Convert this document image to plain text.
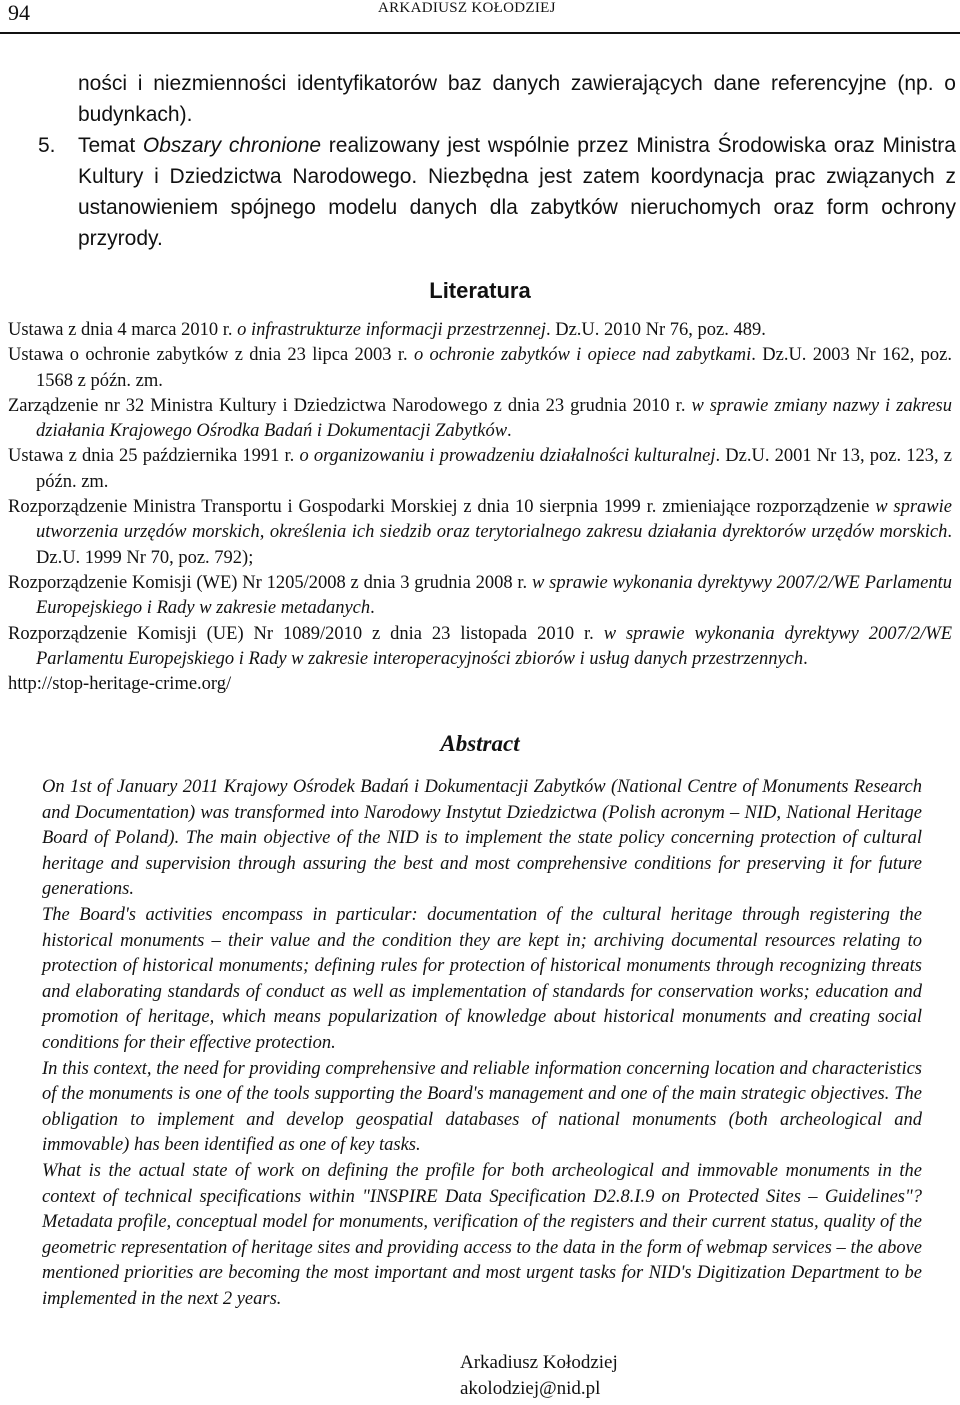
94	ARKADIUSZ KOŁODZIEJ
ności i niezmienności identyfikatorów baz danych zawierających dane referencyjne (np. o budynkach).
5. Temat Obszary chronione realizowany jest wspólnie przez Ministra Środowiska oraz Ministra Kultury i Dziedzictwa Narodowego. Niezbędna jest zatem koordynacja prac związanych z ustanowieniem spójnego modelu danych dla zabytków nieruchomych oraz form ochrony przyrody.
Literatura
Ustawa z dnia 4 marca 2010 r. o infrastrukturze informacji przestrzennej. Dz.U. 2010 Nr 76, poz. 489.
Ustawa o ochronie zabytków z dnia 23 lipca 2003 r. o ochronie zabytków i opiece nad zabytkami. Dz.U. 2003 Nr 162, poz. 1568 z późn. zm.
Zarządzenie nr 32 Ministra Kultury i Dziedzictwa Narodowego z dnia 23 grudnia 2010 r. w sprawie zmiany nazwy i zakresu działania Krajowego Ośrodka Badań i Dokumentacji Zabytków.
Ustawa z dnia 25 października 1991 r. o organizowaniu i prowadzeniu działalności kulturalnej. Dz.U. 2001 Nr 13, poz. 123, z późn. zm.
Rozporządzenie Ministra Transportu i Gospodarki Morskiej z dnia 10 sierpnia 1999 r. zmieniające rozporządzenie w sprawie utworzenia urzędów morskich, określenia ich siedzib oraz terytorialnego zakresu działania dyrektorów urzędów morskich. Dz.U. 1999 Nr 70, poz. 792);
Rozporządzenie Komisji (WE) Nr 1205/2008 z dnia 3 grudnia 2008 r. w sprawie wykonania dyrektywy 2007/2/WE Parlamentu Europejskiego i Rady w zakresie metadanych.
Rozporządzenie Komisji (UE) Nr 1089/2010 z dnia 23 listopada 2010 r. w sprawie wykonania dyrektywy 2007/2/WE Parlamentu Europejskiego i Rady w zakresie interoperacyjności zbiorów i usług danych przestrzennych.
http://stop-heritage-crime.org/
Abstract

On 1st of January 2011 Krajowy Ośrodek Badań i Dokumentacji Zabytków (National Centre of Monuments Research and Documentation) was transformed into Narodowy Instytut Dziedzictwa (Polish acronym – NID, National Heritage Board of Poland). The main objective of the NID is to implement the state policy concerning protection of cultural heritage and supervision through assuring the best and most comprehensive conditions for preserving it for future generations.

The Board's activities encompass in particular: documentation of the cultural heritage through registering the historical monuments – their value and the condition they are kept in; archiving documental resources relating to protection of historical monuments; defining rules for protection of historical monuments through recognizing threats and elaborating standards of conduct as well as implementation of standards for conservation works; education and promotion of heritage, which means popularization of knowledge about historical monuments and creating social conditions for their effective protection.

In this context, the need for providing comprehensive and reliable information concerning location and characteristics of the monuments is one of the tools supporting the Board's management and one of the main strategic objectives. The obligation to implement and develop geospatial databases of national monuments (both archeological and immovable) has been identified as one of key tasks.

What is the actual state of work on defining the profile for both archeological and immovable monuments in the context of technical specifications within "INSPIRE Data Specification D2.8.I.9 on Protected Sites – Guidelines"? Metadata profile, conceptual model for monuments, verification of the registers and their current status, quality of the geometric representation of heritage sites and providing access to the data in the form of webmap services – the above mentioned priorities are becoming the most important and most urgent tasks for NID's Digitization Department to be implemented in the next 2 years.

Arkadiusz Kołodziej
akolodziej@nid.pl
